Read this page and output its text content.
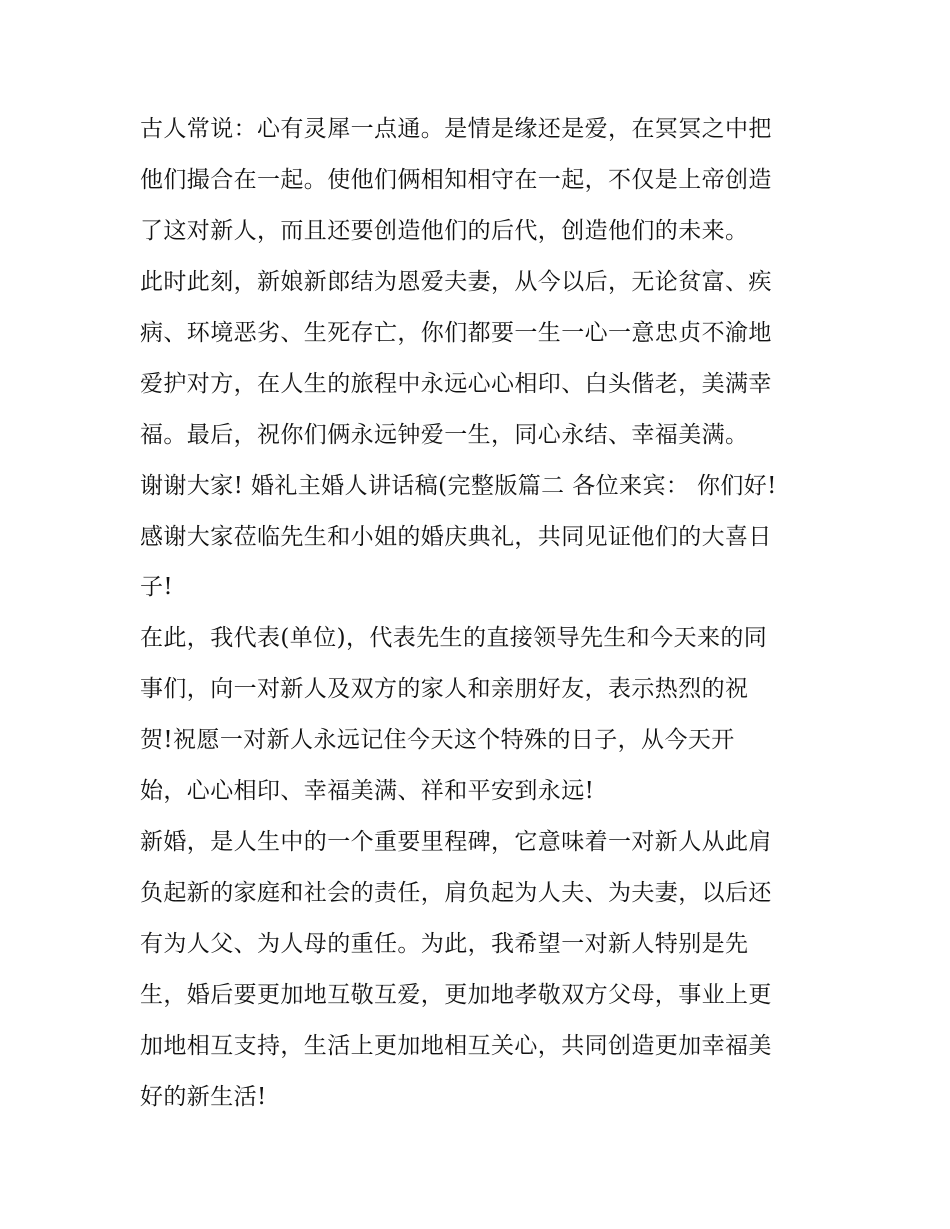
古人常说：心有灵犀一点通。是情是缘还是爱，在冥冥之中把
他们撮合在一起。使他们俩相知相守在一起，不仅是上帝创造
了这对新人，而且还要创造他们的后代，创造他们的未来。
此时此刻，新娘新郎结为恩爱夫妻，从今以后，无论贫富、疾
病、环境恶劣、生死存亡，你们都要一生一心一意忠贞不渝地
爱护对方，在人生的旅程中永远心心相印、白头偕老，美满幸
福。最后，祝你们俩永远钟爱一生，同心永结、幸福美满。
谢谢大家! 婚礼主婚人讲话稿(完整版篇二 各位来宾： 你们好!
感谢大家莅临先生和小姐的婚庆典礼，共同见证他们的大喜日
子!
在此，我代表(单位)，代表先生的直接领导先生和今天来的同
事们，向一对新人及双方的家人和亲朋好友，表示热烈的祝
贺!祝愿一对新人永远记住今天这个特殊的日子，从今天开
始，心心相印、幸福美满、祥和平安到永远!
新婚，是人生中的一个重要里程碑，它意味着一对新人从此肩
负起新的家庭和社会的责任，肩负起为人夫、为夫妻，以后还
有为人父、为人母的重任。为此，我希望一对新人特别是先
生，婚后要更加地互敬互爱，更加地孝敬双方父母，事业上更
加地相互支持，生活上更加地相互关心，共同创造更加幸福美
好的新生活!
